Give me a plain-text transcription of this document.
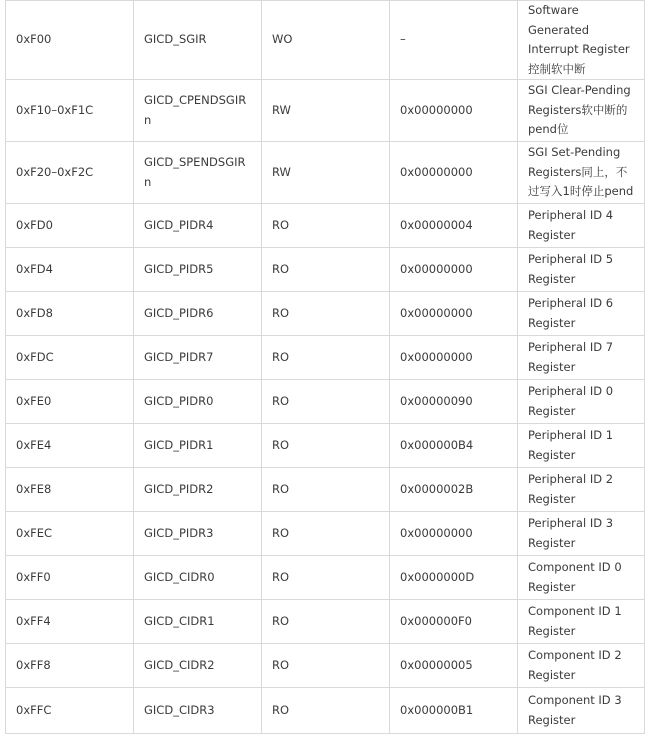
0xF00	GICD_SGIR	WO	–	Software Generated Interrupt Register 控制软中断
0xF10–0xF1C	GICD_CPENDSGIRn	RW	0x00000000	SGI Clear-Pending Registers软中断的pend位
0xF20–0xF2C	GICD_SPENDSGIRn	RW	0x00000000	SGI Set-Pending Registers同上，不过写入1时停止pend
0xFD0	GICD_PIDR4	RO	0x00000004	Peripheral ID 4 Register
0xFD4	GICD_PIDR5	RO	0x00000000	Peripheral ID 5 Register
0xFD8	GICD_PIDR6	RO	0x00000000	Peripheral ID 6 Register
0xFDC	GICD_PIDR7	RO	0x00000000	Peripheral ID 7 Register
0xFE0	GICD_PIDR0	RO	0x00000090	Peripheral ID 0 Register
0xFE4	GICD_PIDR1	RO	0x000000B4	Peripheral ID 1 Register
0xFE8	GICD_PIDR2	RO	0x0000002B	Peripheral ID 2 Register
0xFEC	GICD_PIDR3	RO	0x00000000	Peripheral ID 3 Register
0xFF0	GICD_CIDR0	RO	0x0000000D	Component ID 0 Register
0xFF4	GICD_CIDR1	RO	0x000000F0	Component ID 1 Register
0xFF8	GICD_CIDR2	RO	0x00000005	Component ID 2 Register
0xFFC	GICD_CIDR3	RO	0x000000B1	Component ID 3 Register
